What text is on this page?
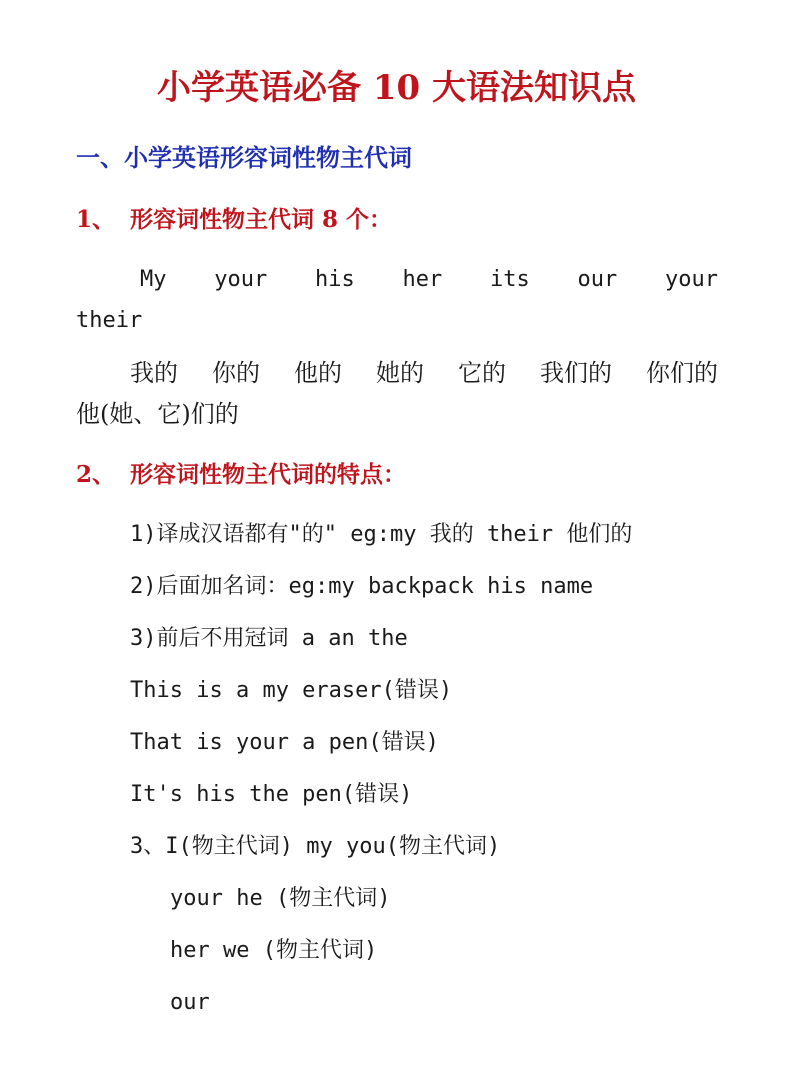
小学英语必备 10 大语法知识点
一、小学英语形容词性物主代词
1、 形容词性物主代词 8 个：
My your his her its our your
their
我的 你的 他的 她的 它的 我们的 你们的
他(她、它)们的
2、 形容词性物主代词的特点：
1)译成汉语都有"的" eg:my 我的 their 他们的
2)后面加名词：eg:my backpack his name
3)前后不用冠词 a an the
This is a my eraser(错误)
That is your a pen(错误)
It's his the pen(错误)
3、I(物主代词) my you(物主代词)
your he (物主代词)
her we (物主代词)
our
